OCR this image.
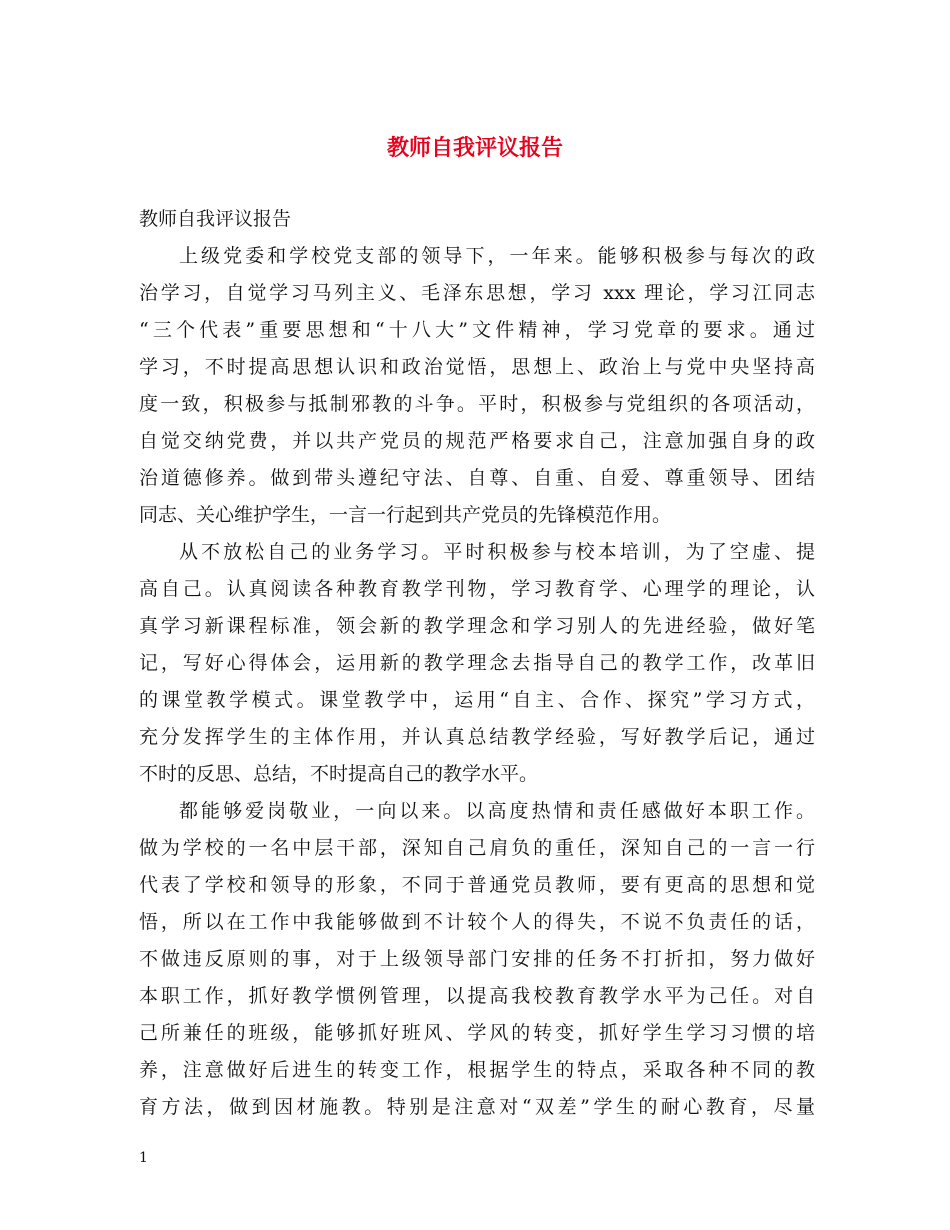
教师自我评议报告

教师自我评议报告

上级党委和学校党支部的领导下，一年来。能够积极参与每次的政
治学习，自觉学习马列主义、毛泽东思想，学习 xxx 理论，学习江同志
“三个代表”重要思想和“十八大”文件精神，学习党章的要求。通过
学习，不时提高思想认识和政治觉悟，思想上、政治上与党中央坚持高
度一致，积极参与抵制邪教的斗争。平时，积极参与党组织的各项活动，
自觉交纳党费，并以共产党员的规范严格要求自己，注意加强自身的政
治道德修养。做到带头遵纪守法、自尊、自重、自爱、尊重领导、团结
同志、关心维护学生，一言一行起到共产党员的先锋模范作用。
从不放松自己的业务学习。平时积极参与校本培训，为了空虚、提
高自己。认真阅读各种教育教学刊物，学习教育学、心理学的理论，认
真学习新课程标准，领会新的教学理念和学习别人的先进经验，做好笔
记，写好心得体会，运用新的教学理念去指导自己的教学工作，改革旧
的课堂教学模式。课堂教学中，运用“自主、合作、探究”学习方式，
充分发挥学生的主体作用，并认真总结教学经验，写好教学后记，通过
不时的反思、总结，不时提高自己的教学水平。
都能够爱岗敬业，一向以来。以高度热情和责任感做好本职工作。
做为学校的一名中层干部，深知自己肩负的重任，深知自己的一言一行
代表了学校和领导的形象，不同于普通党员教师，要有更高的思想和觉
悟，所以在工作中我能够做到不计较个人的得失，不说不负责任的话，
不做违反原则的事，对于上级领导部门安排的任务不打折扣，努力做好
本职工作，抓好教学惯例管理，以提高我校教育教学水平为己任。对自
己所兼任的班级，能够抓好班风、学风的转变，抓好学生学习习惯的培
养，注意做好后进生的转变工作，根据学生的特点，采取各种不同的教
育方法，做到因材施教。特别是注意对“双差”学生的耐心教育，尽量
1
